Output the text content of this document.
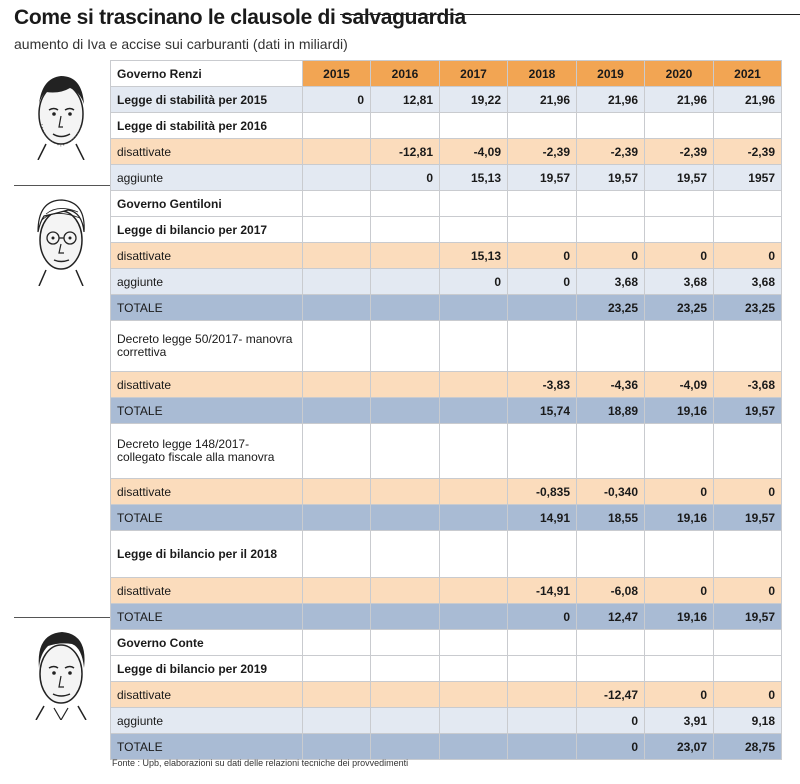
Come si trascinano le clausole di salvaguardia
aumento di Iva e accise sui carburanti (dati in miliardi)
Governo Renzi	2015	2016	2017	2018	2019	2020	2021
Legge di stabilità per 2015	0	12,81	19,22	21,96	21,96	21,96	21,96
Legge di stabilità per 2016							
disattivate		-12,81	-4,09	-2,39	-2,39	-2,39	-2,39
aggiunte		0	15,13	19,57	19,57	19,57	1957
Governo Gentiloni							
Legge di bilancio per 2017							
disattivate			15,13	0	0	0	0
aggiunte			0	0	3,68	3,68	3,68
TOTALE					23,25	23,25	23,25
Decreto legge 50/2017- manovra correttiva							
disattivate				-3,83	-4,36	-4,09	-3,68
TOTALE				15,74	18,89	19,16	19,57
Decreto legge 148/2017- collegato fiscale alla manovra							
disattivate				-0,835	-0,340	0	0
TOTALE				14,91	18,55	19,16	19,57
Legge di bilancio per il 2018							
disattivate				-14,91	-6,08	0	0
TOTALE				0	12,47	19,16	19,57
Governo Conte							
Legge di bilancio per 2019							
disattivate					-12,47	0	0
aggiunte					0	3,91	9,18
TOTALE					0	23,07	28,75
Fonte : Upb, elaborazioni su dati delle relazioni tecniche dei provvedimenti
